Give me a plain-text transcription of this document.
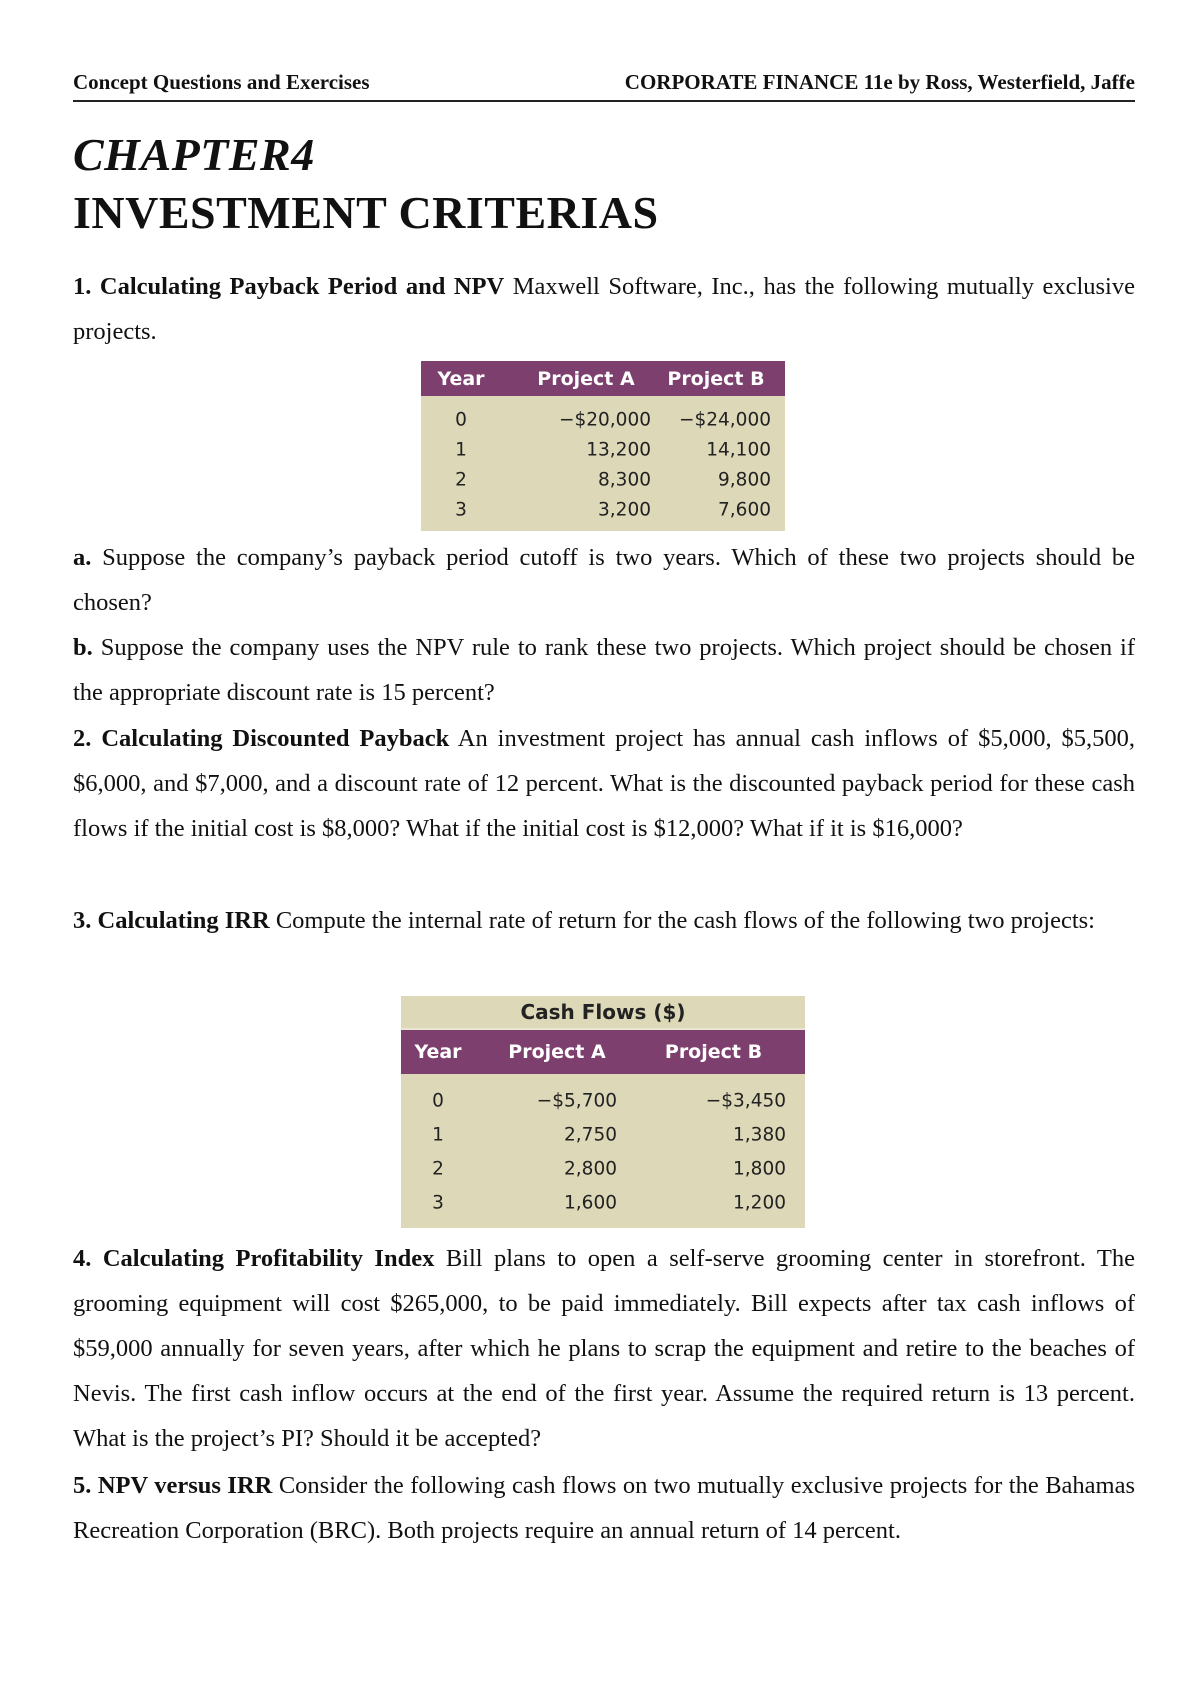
Concept Questions and Exercises	CORPORATE FINANCE 11e by Ross, Westerfield, Jaffe
CHAPTER4
INVESTMENT CRITERIAS

1. Calculating Payback Period and NPV Maxwell Software, Inc., has the following mutually exclusive projects.

a. Suppose the company’s payback period cutoff is two years. Which of these two projects should be chosen?

b. Suppose the company uses the NPV rule to rank these two projects. Which project should be chosen if the appropriate discount rate is 15 percent?

2. Calculating Discounted Payback An investment project has annual cash inflows of $5,000, $5,500, $6,000, and $7,000, and a discount rate of 12 percent. What is the discounted payback period for these cash flows if the initial cost is $8,000? What if the initial cost is $12,000? What if it is $16,000?

3. Calculating IRR Compute the internal rate of return for the cash flows of the following two projects:

4. Calculating Profitability Index Bill plans to open a self-serve grooming center in storefront. The grooming equipment will cost $265,000, to be paid immediately. Bill expects after tax cash inflows of $59,000 annually for seven years, after which he plans to scrap the equipment and retire to the beaches of Nevis. The first cash inflow occurs at the end of the first year. Assume the required return is 13 percent. What is the project’s PI? Should it be accepted?

5. NPV versus IRR Consider the following cash flows on two mutually exclusive projects for the Bahamas Recreation Corporation (BRC). Both projects require an annual return of 14 percent.

Year	Project A	Project B
0	−$20,000	−$24,000
1	13,200	14,100
2	8,300	9,800
3	3,200	7,600
Cash Flows ($)
Year	Project A	Project B
0	−$5,700	−$3,450
1	2,750	1,380
2	2,800	1,800
3	1,600	1,200
